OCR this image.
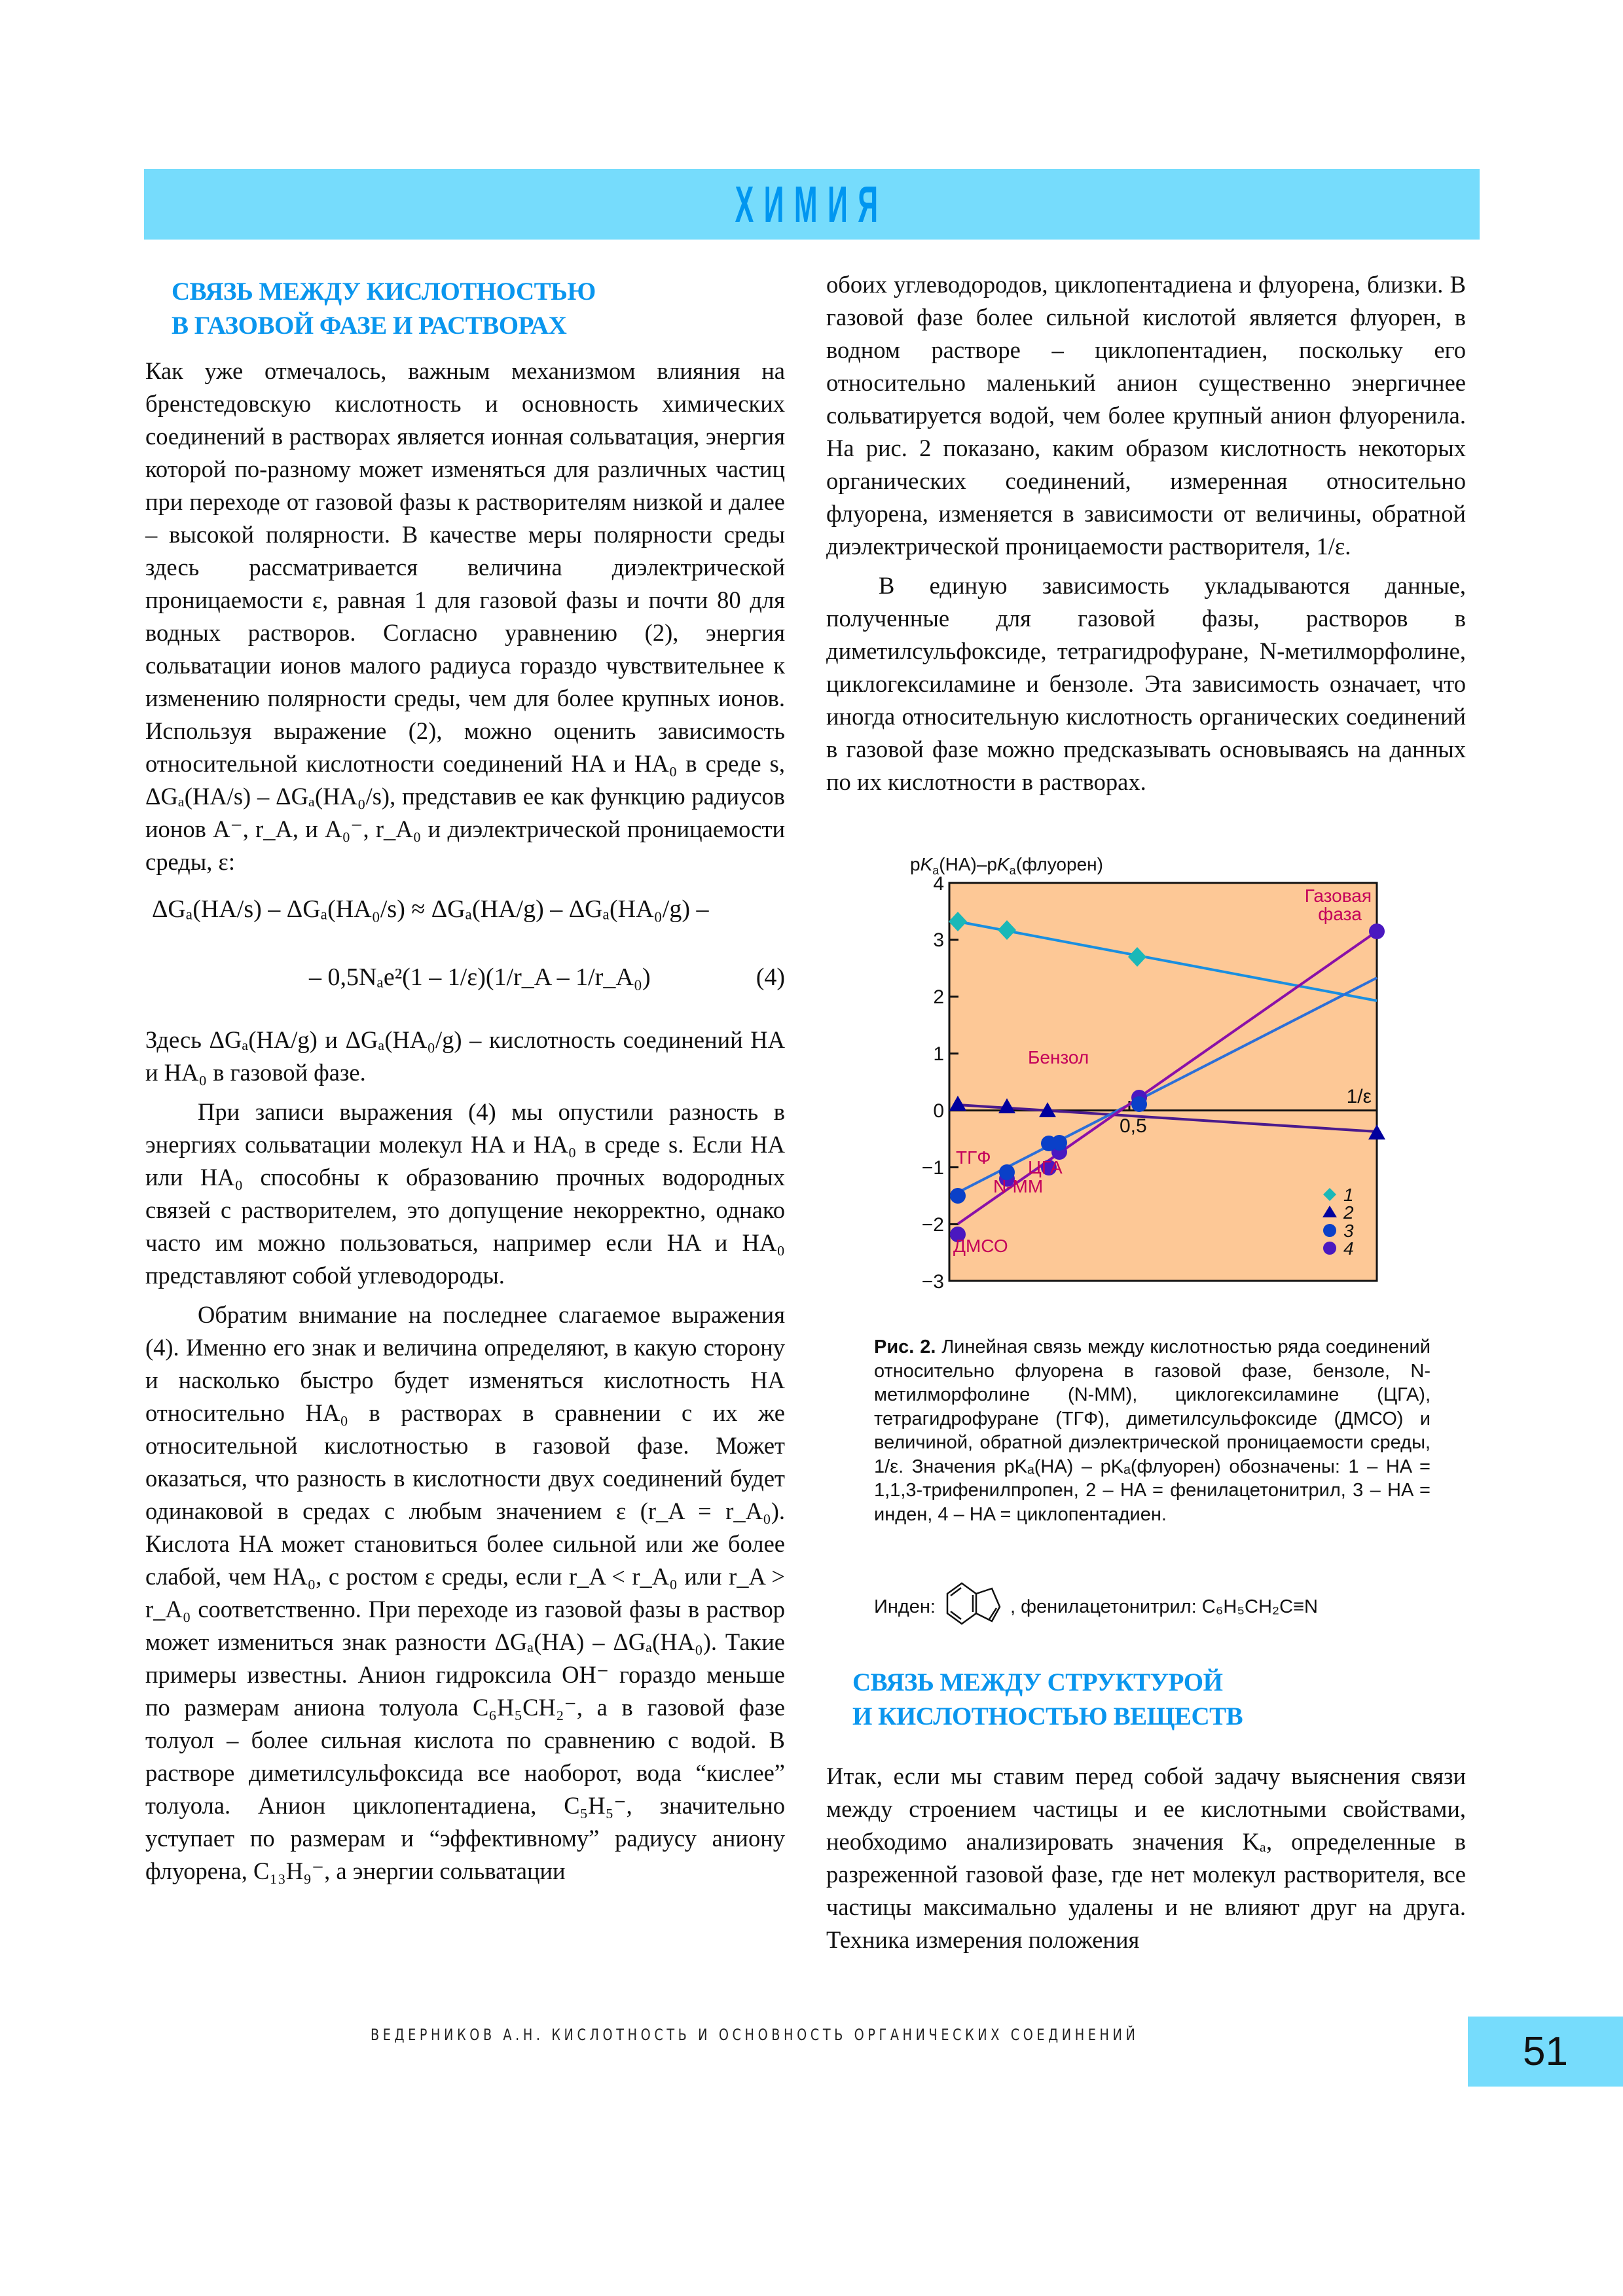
ХИМИЯ
СВЯЗЬ МЕЖДУ КИСЛОТНОСТЬЮ
В ГАЗОВОЙ ФАЗЕ И РАСТВОРАХ

Как уже отмечалось, важным механизмом влияния на бренстедовскую кислотность и основность химических соединений в растворах является ионная сольватация, энергия которой по-разному может изменяться для различных частиц при переходе от газовой фазы к растворителям низкой и далее – высокой полярности. В качестве меры полярности среды здесь рассматривается величина диэлектрической проницаемости ε, равная 1 для газовой фазы и почти 80 для водных растворов. Согласно уравнению (2), энергия сольватации ионов малого радиуса гораздо чувствительнее к изменению полярности среды, чем для более крупных ионов. Используя выражение (2), можно оценить зависимость относительной кислотности соединений HA и HA₀ в среде s, ΔGₐ(HA/s) – ΔGₐ(HA₀/s), представив ее как функцию радиусов ионов A⁻, r_A, и A₀⁻, r_A₀ и диэлектрической проницаемости среды, ε:

ΔGₐ(HA/s) – ΔGₐ(HA₀/s) ≈ ΔGₐ(HA/g) – ΔGₐ(HA₀/g) –
– 0,5Nₐe²(1 – 1/ε)(1/r_A – 1/r_A₀)	(4)

Здесь ΔGₐ(HA/g) и ΔGₐ(HA₀/g) – кислотность соединений HA и HA₀ в газовой фазе.

При записи выражения (4) мы опустили разность в энергиях сольватации молекул HA и HA₀ в среде s. Если HA или HA₀ способны к образованию прочных водородных связей с растворителем, это допущение некорректно, однако часто им можно пользоваться, например если HA и HA₀ представляют собой углеводороды.

Обратим внимание на последнее слагаемое выражения (4). Именно его знак и величина определяют, в какую сторону и насколько быстро будет изменяться кислотность HA относительно HA₀ в растворах в сравнении с их же относительной кислотностью в газовой фазе. Может оказаться, что разность в кислотности двух соединений будет одинаковой в средах с любым значением ε (r_A = r_A₀). Кислота HA может становиться более сильной или же более слабой, чем HA₀, с ростом ε среды, если r_A < r_A₀ или r_A > r_A₀ соответственно. При переходе из газовой фазы в раствор может измениться знак разности ΔGₐ(HA) – ΔGₐ(HA₀). Такие примеры известны. Анион гидроксила OH⁻ гораздо меньше по размерам аниона толуола C₆H₅CH₂⁻, а в газовой фазе толуол – более сильная кислота по сравнению с водой. В растворе диметилсульфоксида все наоборот, вода “кислее” толуола. Анион циклопентадиена, C₅H₅⁻, значительно уступает по размерам и “эффективному” радиусу аниону флуорена, C₁₃H₉⁻, а энергии сольватации

обоих углеводородов, циклопентадиена и флуорена, близки. В газовой фазе более сильной кислотой является флуорен, в водном растворе – циклопентадиен, поскольку его относительно маленький анион существенно энергичнее сольватируется водой, чем более крупный анион флуоренила. На рис. 2 показано, каким образом кислотность некоторых органических соединений, измеренная относительно флуорена, изменяется в зависимости от величины, обратной диэлектрической проницаемости растворителя, 1/ε.

В единую зависимость укладываются данные, полученные для газовой фазы, растворов в диметилсульфоксиде, тетрагидрофуране, N-метилморфолине, циклогексиламине и бензоле. Эта зависимость означает, что иногда относительную кислотность органических соединений в газовой фазе можно предсказывать основываясь на данных по их кислотности в растворах.

4
3
2
1
0
−1
−2
−3
0,5
$pK_a(HA)-pK_a(флуорен)$
1/ε
Газовая
фаза
Бензол
ТГФ ЦГА
N-MM
ДМСО
1
2
3
4
Рис. 2. Линейная связь между кислотностью ряда соединений относительно флуорена в газовой фазе, бензоле, N-метилморфолине (N-MM), циклогексиламине (ЦГА), тетрагидрофуране (ТГФ), диметилсульфоксиде (ДМСО) и величиной, обратной диэлектрической проницаемости среды, 1/ε. Значения pKₐ(HA) – pKₐ(флуорен) обозначены: 1 – HA = 1,1,3-трифенилпропен, 2 – HA = фенилацетонитрил, 3 – HA = инден, 4 – HA = циклопентадиен.
Инден:	, фенилацетонитрил: C₆H₅CH₂C≡N
СВЯЗЬ МЕЖДУ СТРУКТУРОЙ
И КИСЛОТНОСТЬЮ ВЕЩЕСТВ

Итак, если мы ставим перед собой задачу выяснения связи между строением частицы и ее кислотными свойствами, необходимо анализировать значения Kₐ, определенные в разреженной газовой фазе, где нет молекул растворителя, все частицы максимально удалены и не влияют друг на друга. Техника измерения положения

ВЕДЕРНИКОВ А.Н. КИСЛОТНОСТЬ И ОСНОВНОСТЬ ОРГАНИЧЕСКИХ СОЕДИНЕНИЙ	51
